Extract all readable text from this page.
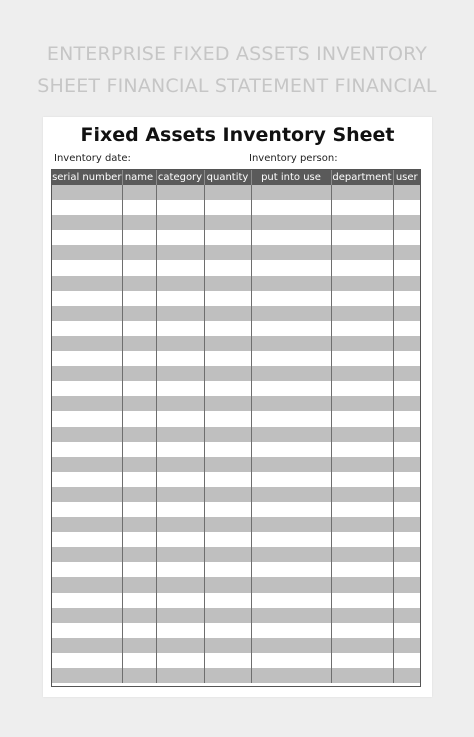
ENTERPRISE FIXED ASSETS INVENTORY
SHEET FINANCIAL STATEMENT FINANCIAL
Fixed Assets Inventory Sheet
Inventory date:	Inventory person:
serial number	name	category	quantity	put into use	department	user
